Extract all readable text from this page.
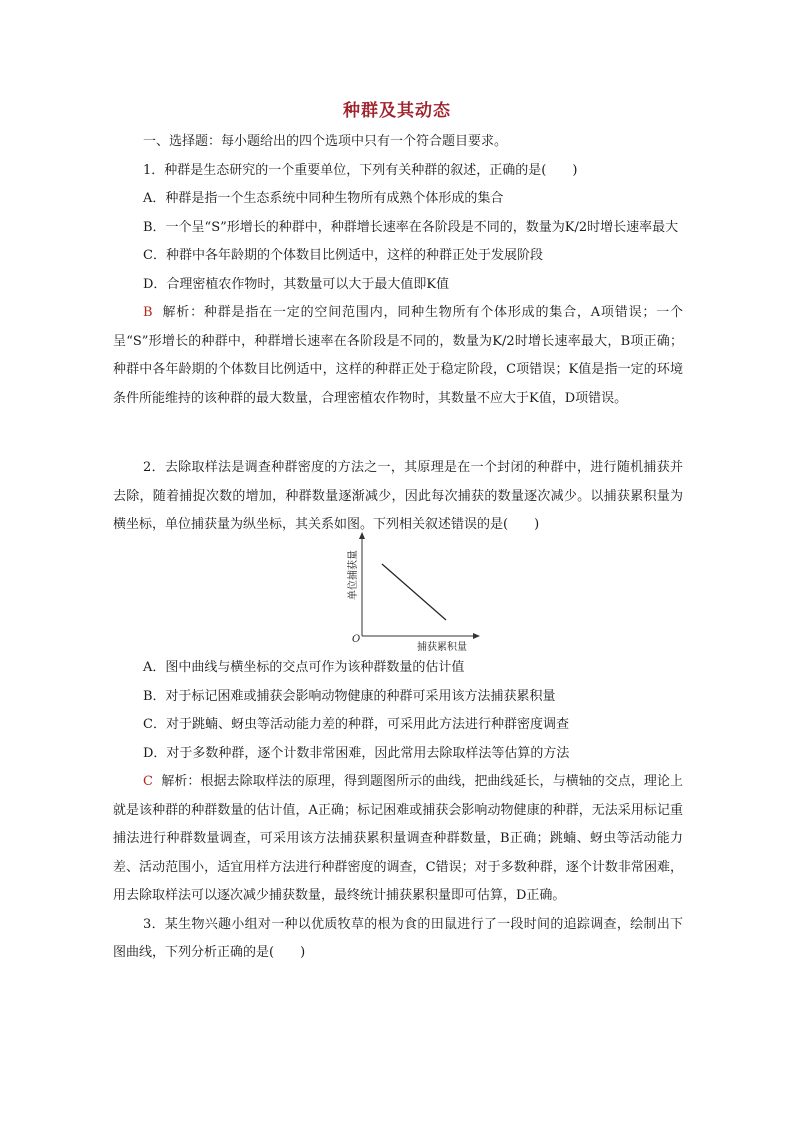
种群及其动态

一、选择题：每小题给出的四个选项中只有一个符合题目要求。

1．种群是生态研究的一个重要单位，下列有关种群的叙述，正确的是(　　)

A．种群是指一个生态系统中同种生物所有成熟个体形成的集合

B．一个呈“S”形增长的种群中，种群增长速率在各阶段是不同的，数量为K/2时增长速率最大

C．种群中各年龄期的个体数目比例适中，这样的种群正处于发展阶段

D．合理密植农作物时，其数量可以大于最大值即K值

B 解析：种群是指在一定的空间范围内，同种生物所有个体形成的集合，A项错误；一个呈“S”形增长的种群中，种群增长速率在各阶段是不同的，数量为K/2时增长速率最大，B项正确；种群中各年龄期的个体数目比例适中，这样的种群正处于稳定阶段，C项错误；K值是指一定的环境条件所能维持的该种群的最大数量，合理密植农作物时，其数量不应大于K值，D项错误。

2．去除取样法是调查种群密度的方法之一，其原理是在一个封闭的种群中，进行随机捕获并去除，随着捕捉次数的增加，种群数量逐渐减少，因此每次捕获的数量逐次减少。以捕获累积量为横坐标，单位捕获量为纵坐标，其关系如图。下列相关叙述错误的是(　　)

O
捕获累积量
单位捕获量

A．图中曲线与横坐标的交点可作为该种群数量的估计值

B．对于标记困难或捕获会影响动物健康的种群可采用该方法捕获累积量

C．对于跳蝻、蚜虫等活动能力差的种群，可采用此方法进行种群密度调查

D．对于多数种群，逐个计数非常困难，因此常用去除取样法等估算的方法

C 解析：根据去除取样法的原理，得到题图所示的曲线，把曲线延长，与横轴的交点，理论上就是该种群的种群数量的估计值，A正确；标记困难或捕获会影响动物健康的种群，无法采用标记重捕法进行种群数量调查，可采用该方法捕获累积量调查种群数量，B正确；跳蝻、蚜虫等活动能力差、活动范围小，适宜用样方法进行种群密度的调查，C错误；对于多数种群，逐个计数非常困难，用去除取样法可以逐次减少捕获数量，最终统计捕获累积量即可估算，D正确。

3．某生物兴趣小组对一种以优质牧草的根为食的田鼠进行了一段时间的追踪调查，绘制出下图曲线，下列分析正确的是(　　)
